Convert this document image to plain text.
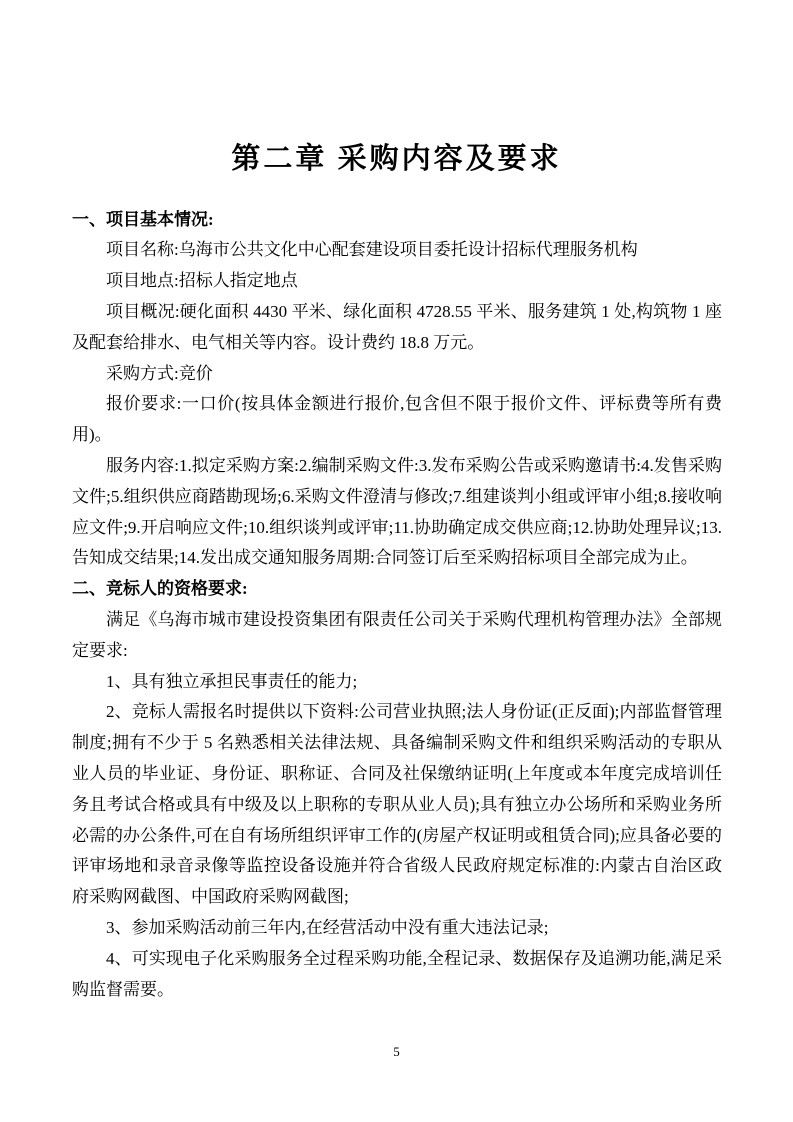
第二章 采购内容及要求

一、项目基本情况:

项目名称:乌海市公共文化中心配套建设项目委托设计招标代理服务机构

项目地点:招标人指定地点

项目概况:硬化面积 4430 平米、绿化面积 4728.55 平米、服务建筑 1 处,构筑物 1 座及配套给排水、电气相关等内容。设计费约 18.8 万元。

采购方式:竞价

报价要求:一口价(按具体金额进行报价,包含但不限于报价文件、评标费等所有费用)。

服务内容:1.拟定采购方案:2.编制采购文件:3.发布采购公告或采购邀请书:4.发售采购文件;5.组织供应商踏勘现场;6.采购文件澄清与修改;7.组建谈判小组或评审小组;8.接收响应文件;9.开启响应文件;10.组织谈判或评审;11.协助确定成交供应商;12.协助处理异议;13.告知成交结果;14.发出成交通知服务周期:合同签订后至采购招标项目全部完成为止。

二、竞标人的资格要求:

满足《乌海市城市建设投资集团有限责任公司关于采购代理机构管理办法》全部规定要求:

1、具有独立承担民事责任的能力;

2、竞标人需报名时提供以下资料:公司营业执照;法人身份证(正反面);内部监督管理制度;拥有不少于 5 名熟悉相关法律法规、具备编制采购文件和组织采购活动的专职从业人员的毕业证、身份证、职称证、合同及社保缴纳证明(上年度或本年度完成培训任务且考试合格或具有中级及以上职称的专职从业人员);具有独立办公场所和采购业务所必需的办公条件,可在自有场所组织评审工作的(房屋产权证明或租赁合同);应具备必要的评审场地和录音录像等监控设备设施并符合省级人民政府规定标准的:内蒙古自治区政府采购网截图、中国政府采购网截图;

3、参加采购活动前三年内,在经营活动中没有重大违法记录;

4、可实现电子化采购服务全过程采购功能,全程记录、数据保存及追溯功能,满足采购监督需要。

5
